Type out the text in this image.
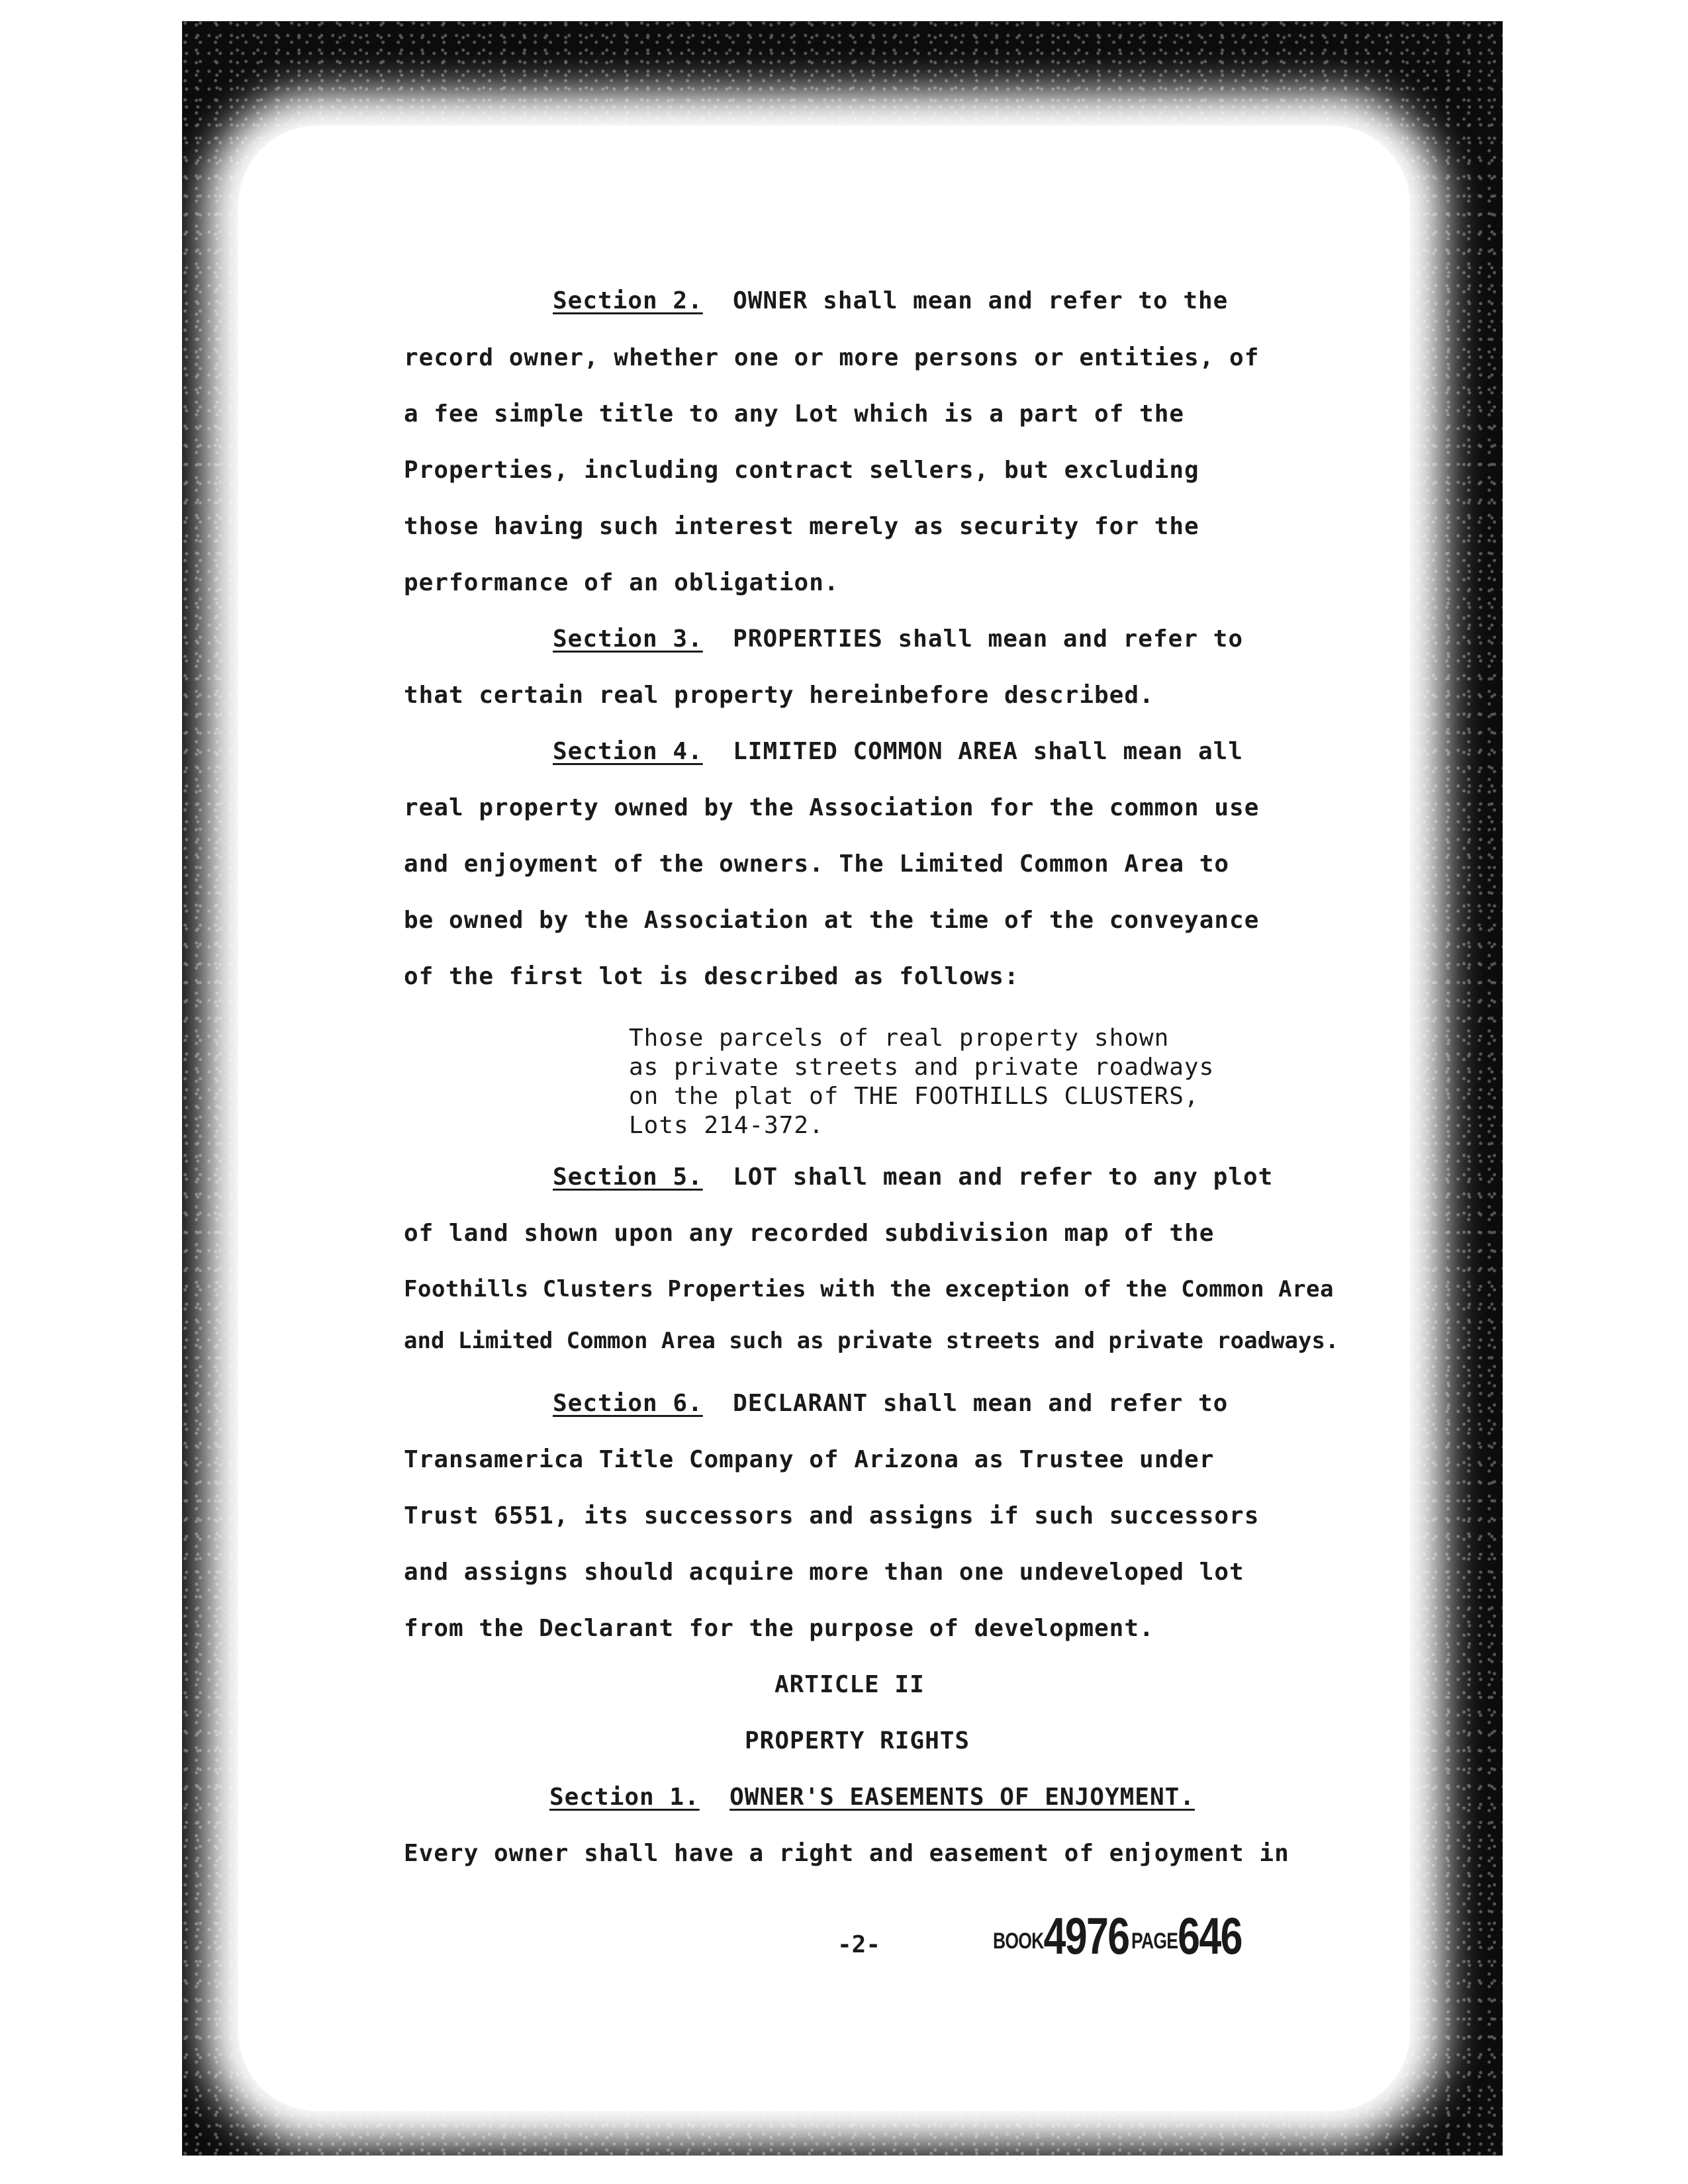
Section 2.  OWNER shall mean and refer to the
record owner, whether one or more persons or entities, of
a fee simple title to any Lot which is a part of the
Properties, including contract sellers, but excluding
those having such interest merely as security for the
performance of an obligation.
Section 3.  PROPERTIES shall mean and refer to
that certain real property hereinbefore described.
Section 4.  LIMITED COMMON AREA shall mean all
real property owned by the Association for the common use
and enjoyment of the owners. The Limited Common Area to
be owned by the Association at the time of the conveyance
of the first lot is described as follows:
Those parcels of real property shown
as private streets and private roadways
on the plat of THE FOOTHILLS CLUSTERS,
Lots 214-372.
Section 5.  LOT shall mean and refer to any plot
of land shown upon any recorded subdivision map of the
Foothills Clusters Properties with the exception of the Common Area
and Limited Common Area such as private streets and private roadways.
Section 6.  DECLARANT shall mean and refer to
Transamerica Title Company of Arizona as Trustee under
Trust 6551, its successors and assigns if such successors
and assigns should acquire more than one undeveloped lot
from the Declarant for the purpose of development.
ARTICLE II
PROPERTY RIGHTS
Section 1. OWNER'S EASEMENTS OF ENJOYMENT.
Every owner shall have a right and easement of enjoyment in
-2-	BOOK4976 PAGE646
